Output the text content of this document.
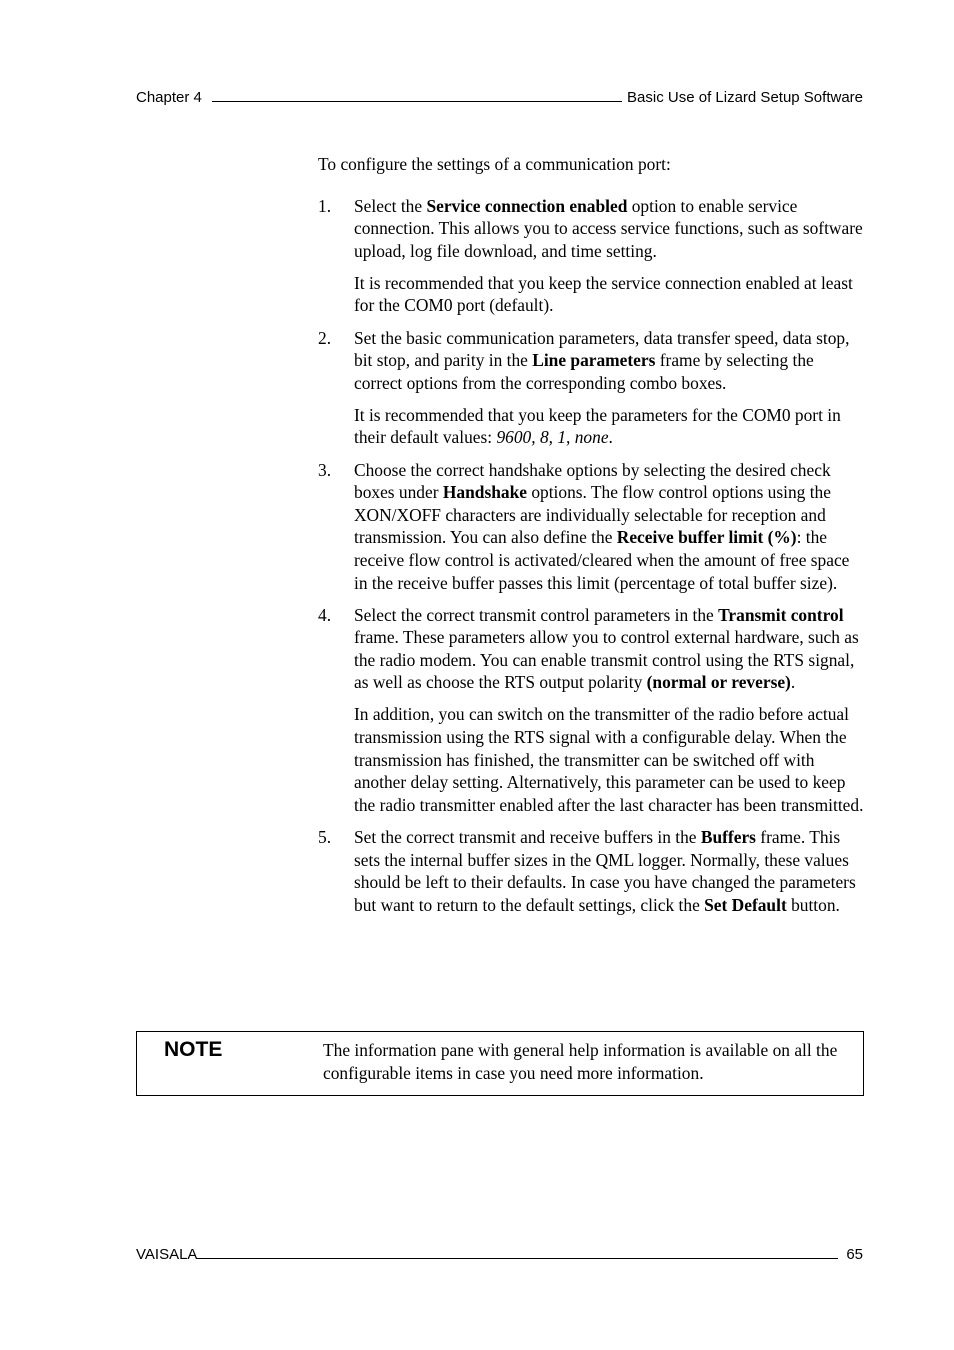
Chapter 4	Basic Use of Lizard Setup Software

To configure the settings of a communication port:

1.	Select the Service connection enabled option to enable service connection. This allows you to access service functions, such as software upload, log file download, and time setting.

It is recommended that you keep the service connection enabled at least for the COM0 port (default).

2.	Set the basic communication parameters, data transfer speed, data stop, bit stop, and parity in the Line parameters frame by selecting the correct options from the corresponding combo boxes.

It is recommended that you keep the parameters for the COM0 port in their default values: 9600, 8, 1, none.

3.	Choose the correct handshake options by selecting the desired check boxes under Handshake options. The flow control options using the XON/XOFF characters are individually selectable for reception and transmission. You can also define the Receive buffer limit (%): the receive flow control is activated/cleared when the amount of free space in the receive buffer passes this limit (percentage of total buffer size).

4.	Select the correct transmit control parameters in the Transmit control frame. These parameters allow you to control external hardware, such as the radio modem. You can enable transmit control using the RTS signal, as well as choose the RTS output polarity (normal or reverse).

In addition, you can switch on the transmitter of the radio before actual transmission using the RTS signal with a configurable delay. When the transmission has finished, the transmitter can be switched off with another delay setting. Alternatively, this parameter can be used to keep the radio transmitter enabled after the last character has been transmitted.

5.	Set the correct transmit and receive buffers in the Buffers frame. This sets the internal buffer sizes in the QML logger. Normally, these values should be left to their defaults. In case you have changed the parameters but want to return to the default settings, click the Set Default button.

NOTE	The information pane with general help information is available on all the configurable items in case you need more information.
VAISALA	65
